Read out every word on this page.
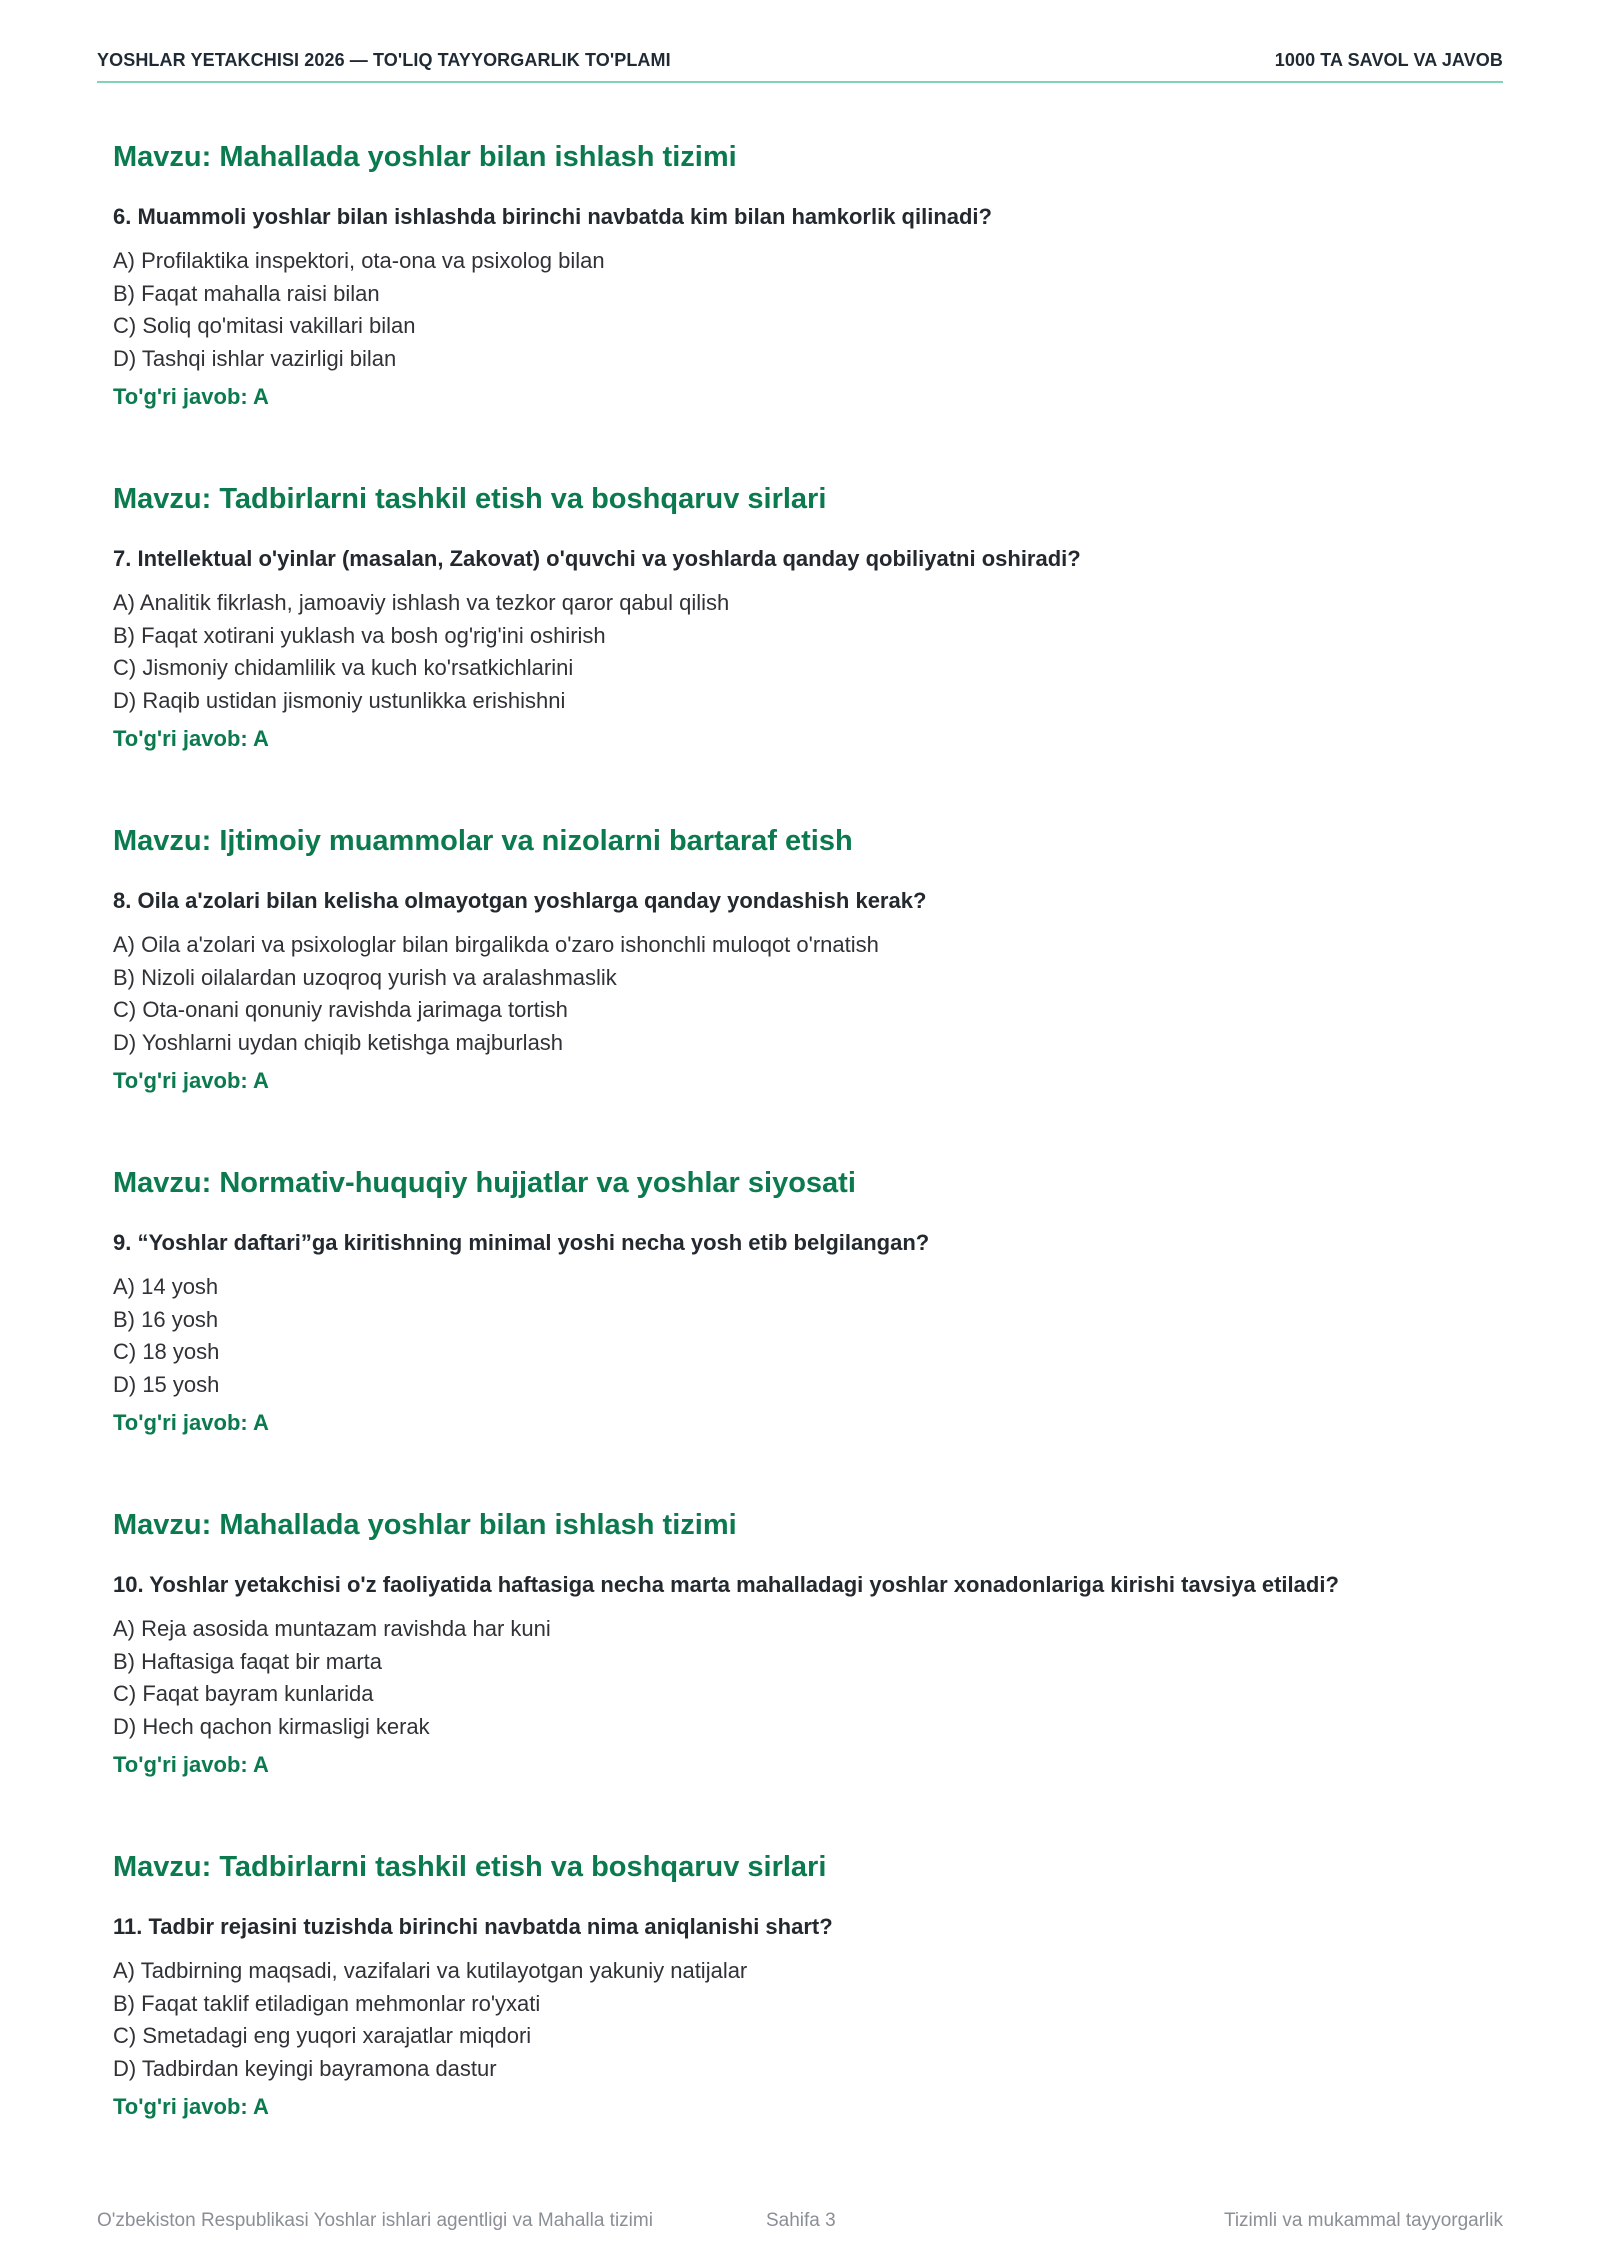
YOSHLAR YETAKCHISI 2026 — TO'LIQ TAYYORGARLIK TO'PLAMI	1000 TA SAVOL VA JAVOB
Mavzu: Mahallada yoshlar bilan ishlash tizimi
6. Muammoli yoshlar bilan ishlashda birinchi navbatda kim bilan hamkorlik qilinadi?
A) Profilaktika inspektori, ota-ona va psixolog bilan
B) Faqat mahalla raisi bilan
C) Soliq qo'mitasi vakillari bilan
D) Tashqi ishlar vazirligi bilan
To'g'ri javob: A
Mavzu: Tadbirlarni tashkil etish va boshqaruv sirlari
7. Intellektual o'yinlar (masalan, Zakovat) o'quvchi va yoshlarda qanday qobiliyatni oshiradi?
A) Analitik fikrlash, jamoaviy ishlash va tezkor qaror qabul qilish
B) Faqat xotirani yuklash va bosh og'rig'ini oshirish
C) Jismoniy chidamlilik va kuch ko'rsatkichlarini
D) Raqib ustidan jismoniy ustunlikka erishishni
To'g'ri javob: A
Mavzu: Ijtimoiy muammolar va nizolarni bartaraf etish
8. Oila a'zolari bilan kelisha olmayotgan yoshlarga qanday yondashish kerak?
A) Oila a'zolari va psixologlar bilan birgalikda o'zaro ishonchli muloqot o'rnatish
B) Nizoli oilalardan uzoqroq yurish va aralashmaslik
C) Ota-onani qonuniy ravishda jarimaga tortish
D) Yoshlarni uydan chiqib ketishga majburlash
To'g'ri javob: A
Mavzu: Normativ-huquqiy hujjatlar va yoshlar siyosati
9. “Yoshlar daftari”ga kiritishning minimal yoshi necha yosh etib belgilangan?
A) 14 yosh
B) 16 yosh
C) 18 yosh
D) 15 yosh
To'g'ri javob: A
Mavzu: Mahallada yoshlar bilan ishlash tizimi
10. Yoshlar yetakchisi o'z faoliyatida haftasiga necha marta mahalladagi yoshlar xonadonlariga kirishi tavsiya etiladi?
A) Reja asosida muntazam ravishda har kuni
B) Haftasiga faqat bir marta
C) Faqat bayram kunlarida
D) Hech qachon kirmasligi kerak
To'g'ri javob: A
Mavzu: Tadbirlarni tashkil etish va boshqaruv sirlari
11. Tadbir rejasini tuzishda birinchi navbatda nima aniqlanishi shart?
A) Tadbirning maqsadi, vazifalari va kutilayotgan yakuniy natijalar
B) Faqat taklif etiladigan mehmonlar ro'yxati
C) Smetadagi eng yuqori xarajatlar miqdori
D) Tadbirdan keyingi bayramona dastur
To'g'ri javob: A
O'zbekiston Respublikasi Yoshlar ishlari agentligi va Mahalla tizimi	Sahifa 3	Tizimli va mukammal tayyorgarlik
